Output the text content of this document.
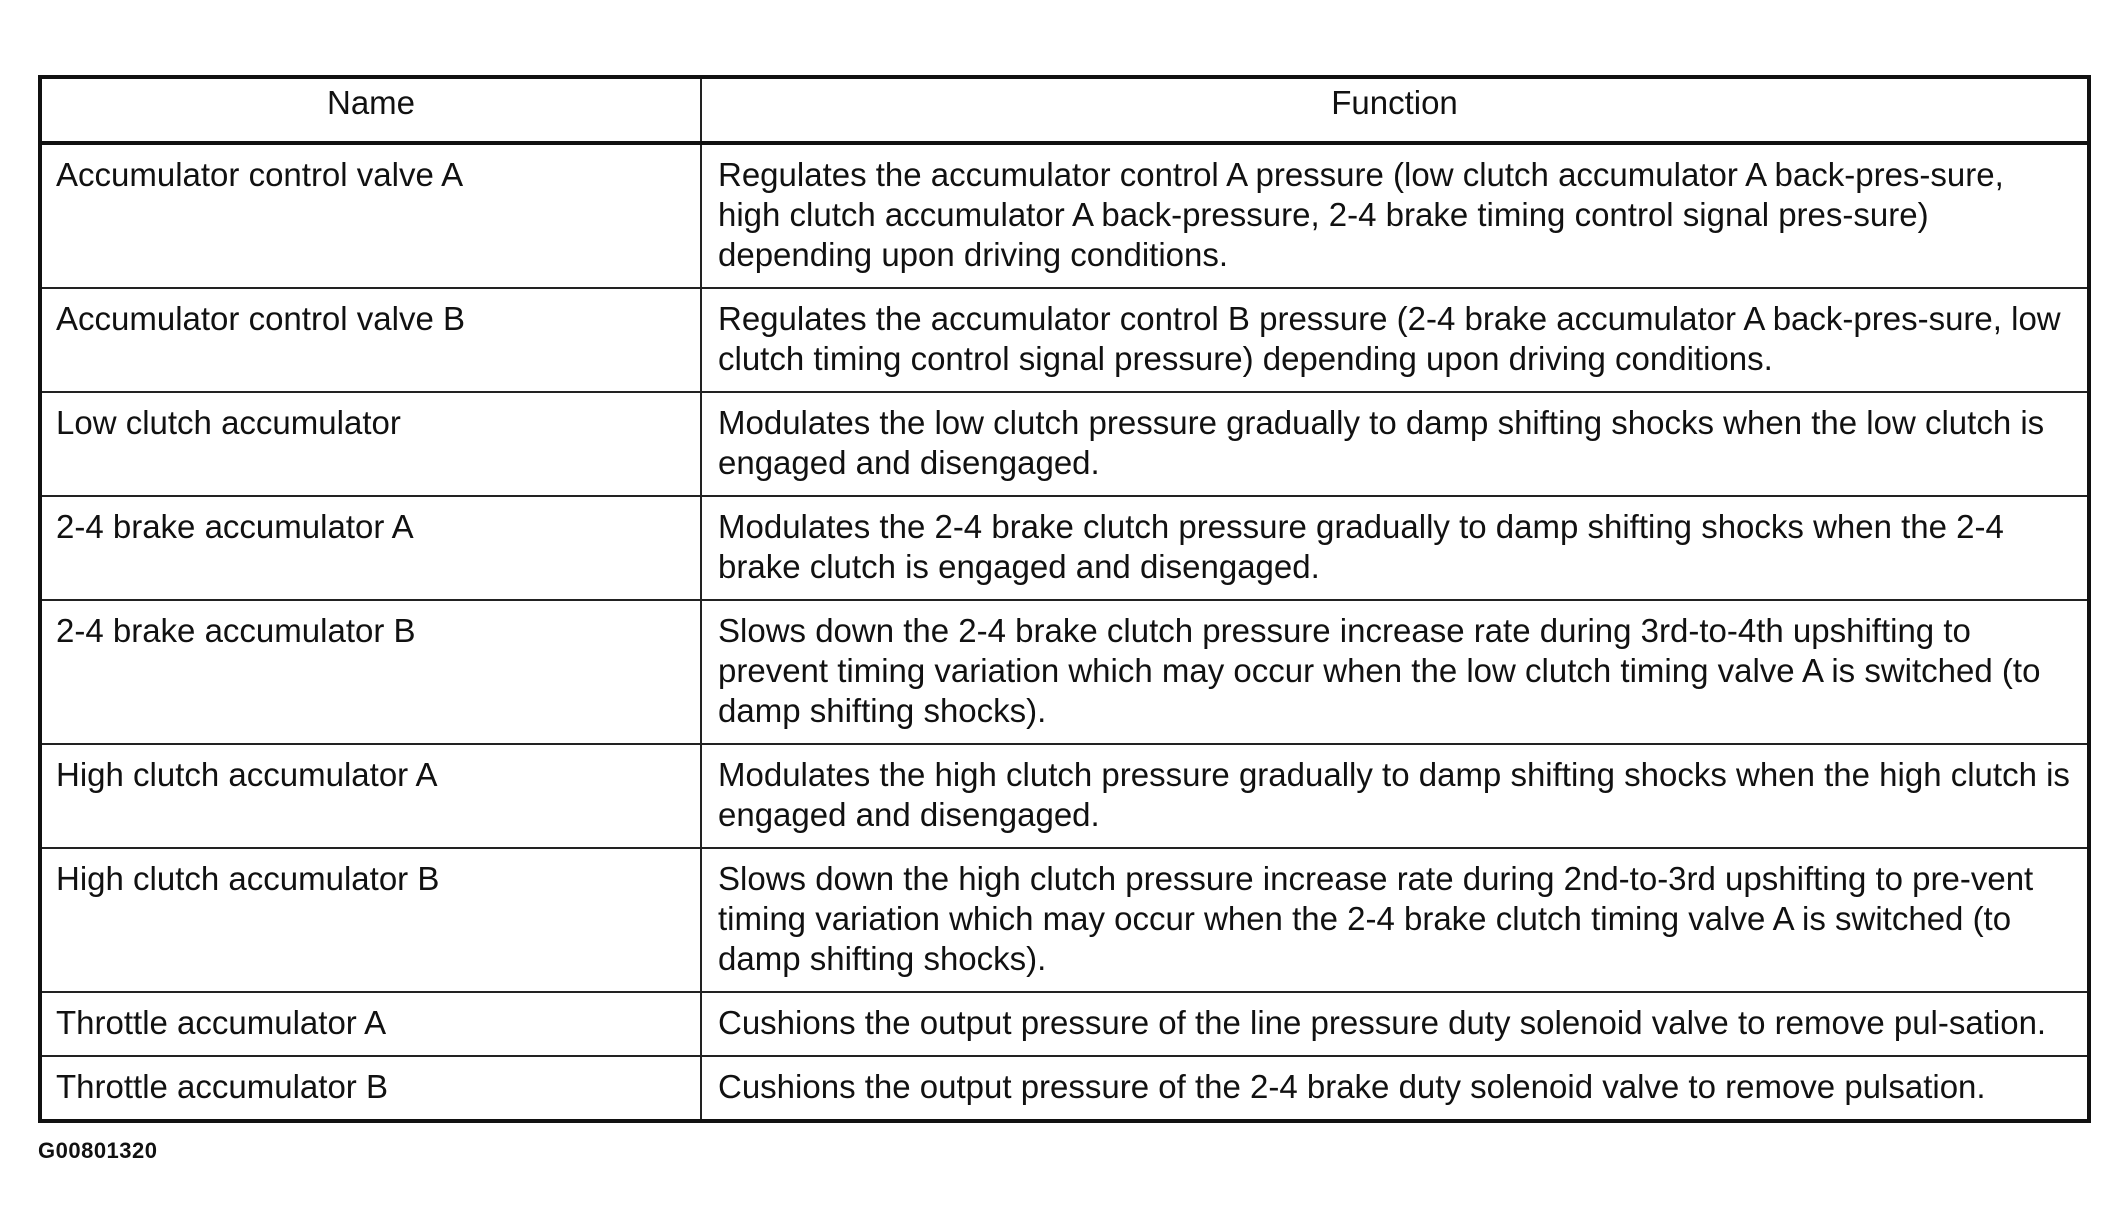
Name	Function
Accumulator control valve A	Regulates the accumulator control A pressure (low clutch accumulator A back-pres-sure, high clutch accumulator A back-pressure, 2-4 brake timing control signal pres-sure) depending upon driving conditions.
Accumulator control valve B	Regulates the accumulator control B pressure (2-4 brake accumulator A back-pres-sure, low clutch timing control signal pressure) depending upon driving conditions.
Low clutch accumulator	Modulates the low clutch pressure gradually to damp shifting shocks when the low clutch is engaged and disengaged.
2-4 brake accumulator A	Modulates the 2-4 brake clutch pressure gradually to damp shifting shocks when the 2-4 brake clutch is engaged and disengaged.
2-4 brake accumulator B	Slows down the 2-4 brake clutch pressure increase rate during 3rd-to-4th upshifting to prevent timing variation which may occur when the low clutch timing valve A is switched (to damp shifting shocks).
High clutch accumulator A	Modulates the high clutch pressure gradually to damp shifting shocks when the high clutch is engaged and disengaged.
High clutch accumulator B	Slows down the high clutch pressure increase rate during 2nd-to-3rd upshifting to pre-vent timing variation which may occur when the 2-4 brake clutch timing valve A is switched (to damp shifting shocks).
Throttle accumulator A	Cushions the output pressure of the line pressure duty solenoid valve to remove pul-sation.
Throttle accumulator B	Cushions the output pressure of the 2-4 brake duty solenoid valve to remove pulsation.
G00801320
